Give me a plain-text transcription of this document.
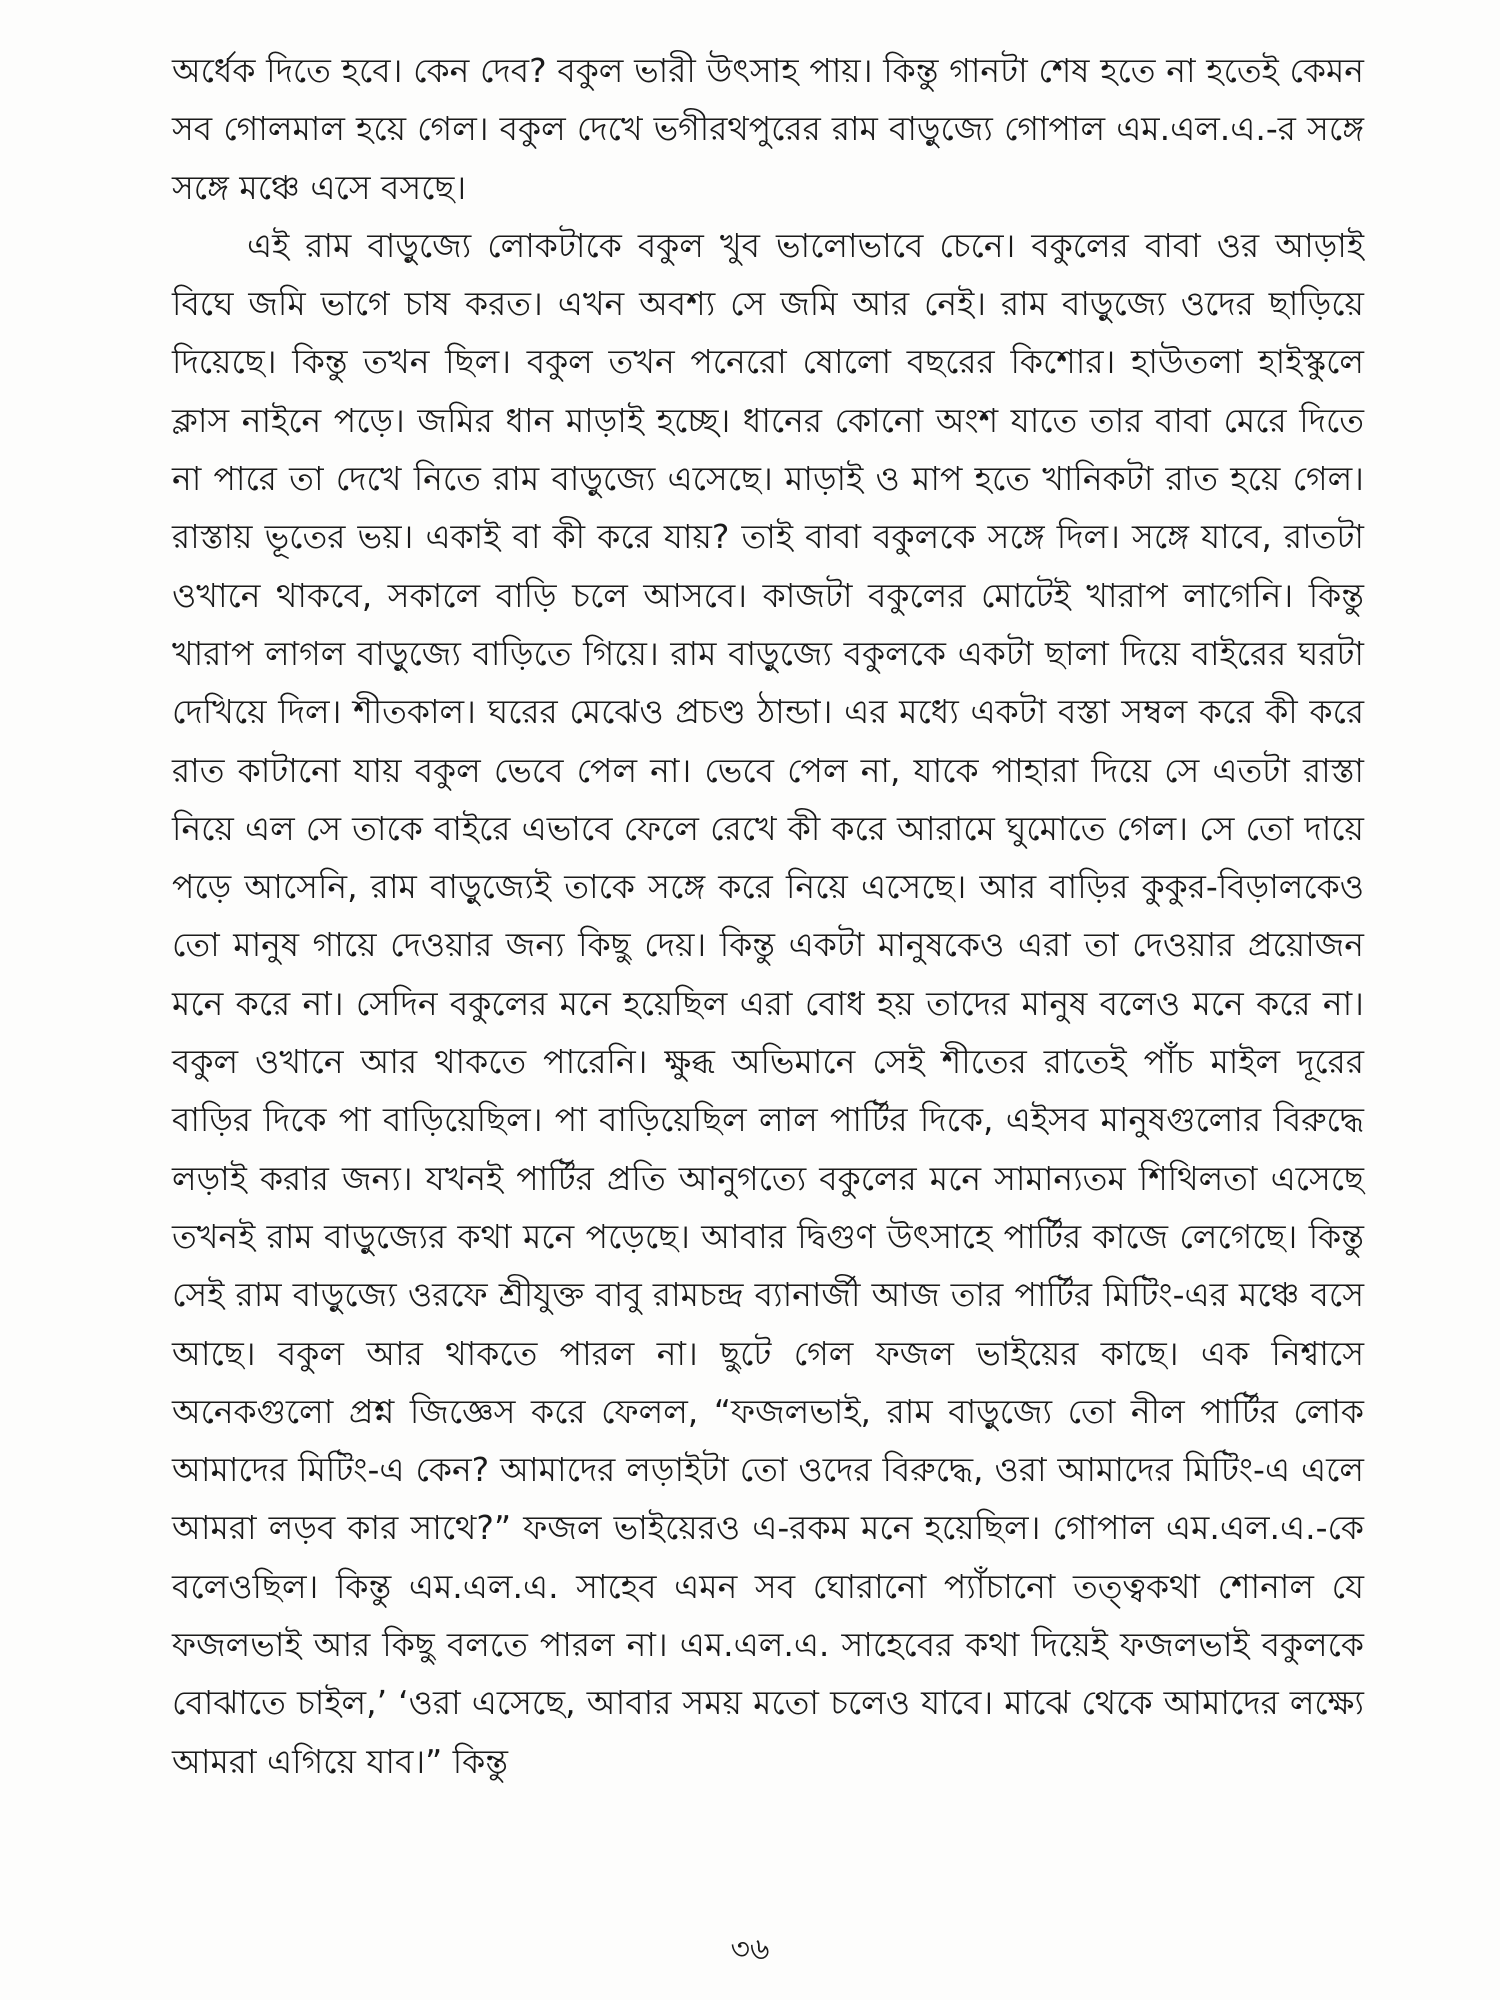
অর্ধেক দিতে হবে। কেন দেব? বকুল ভারী উৎসাহ পায়। কিন্তু গানটা শেষ হতে না হতেই কেমন সব গোলমাল হয়ে গেল। বকুল দেখে ভগীরথপুরের রাম বাড়ুজ্যে গোপাল এম.এল.এ.-র সঙ্গে সঙ্গে মঞ্চে এসে বসছে।

এই রাম বাড়ুজ্যে লোকটাকে বকুল খুব ভালোভাবে চেনে। বকুলের বাবা ওর আড়াই বিঘে জমি ভাগে চাষ করত। এখন অবশ্য সে জমি আর নেই। রাম বাড়ুজ্যে ওদের ছাড়িয়ে দিয়েছে। কিন্তু তখন ছিল। বকুল তখন পনেরো ষোলো বছরের কিশোর। হাউতলা হাইস্কুলে ক্লাস নাইনে পড়ে। জমির ধান মাড়াই হচ্ছে। ধানের কোনো অংশ যাতে তার বাবা মেরে দিতে না পারে তা দেখে নিতে রাম বাড়ুজ্যে এসেছে। মাড়াই ও মাপ হতে খানিকটা রাত হয়ে গেল। রাস্তায় ভূতের ভয়। একাই বা কী করে যায়? তাই বাবা বকুলকে সঙ্গে দিল। সঙ্গে যাবে, রাতটা ওখানে থাকবে, সকালে বাড়ি চলে আসবে। কাজটা বকুলের মোটেই খারাপ লাগেনি। কিন্তু খারাপ লাগল বাড়ুজ্যে বাড়িতে গিয়ে। রাম বাড়ুজ্যে বকুলকে একটা ছালা দিয়ে বাইরের ঘরটা দেখিয়ে দিল। শীতকাল। ঘরের মেঝেও প্রচণ্ড ঠান্ডা। এর মধ্যে একটা বস্তা সম্বল করে কী করে রাত কাটানো যায় বকুল ভেবে পেল না। ভেবে পেল না, যাকে পাহারা দিয়ে সে এতটা রাস্তা নিয়ে এল সে তাকে বাইরে এভাবে ফেলে রেখে কী করে আরামে ঘুমোতে গেল। সে তো দায়ে পড়ে আসেনি, রাম বাড়ুজ্যেই তাকে সঙ্গে করে নিয়ে এসেছে। আর বাড়ির কুকুর-বিড়ালকেও তো মানুষ গায়ে দেওয়ার জন্য কিছু দেয়। কিন্তু একটা মানুষকেও এরা তা দেওয়ার প্রয়োজন মনে করে না। সেদিন বকুলের মনে হয়েছিল এরা বোধ হয় তাদের মানুষ বলেও মনে করে না। বকুল ওখানে আর থাকতে পারেনি। ক্ষুব্ধ অভিমানে সেই শীতের রাতেই পাঁচ মাইল দূরের বাড়ির দিকে পা বাড়িয়েছিল। পা বাড়িয়েছিল লাল পার্টির দিকে, এইসব মানুষগুলোর বিরুদ্ধে লড়াই করার জন্য। যখনই পার্টির প্রতি আনুগত্যে বকুলের মনে সামান্যতম শিথিলতা এসেছে তখনই রাম বাড়ুজ্যের কথা মনে পড়েছে। আবার দ্বিগুণ উৎসাহে পার্টির কাজে লেগেছে। কিন্তু সেই রাম বাড়ুজ্যে ওরফে শ্রীযুক্ত বাবু রামচন্দ্র ব্যানার্জী আজ তার পার্টির মিটিং-এর মঞ্চে বসে আছে। বকুল আর থাকতে পারল না। ছুটে গেল ফজল ভাইয়ের কাছে। এক নিশ্বাসে অনেকগুলো প্রশ্ন জিজ্ঞেস করে ফেলল, “ফজলভাই, রাম বাড়ুজ্যে তো নীল পার্টির লোক আমাদের মিটিং-এ কেন? আমাদের লড়াইটা তো ওদের বিরুদ্ধে, ওরা আমাদের মিটিং-এ এলে আমরা লড়ব কার সাথে?” ফজল ভাইয়েরও এ-রকম মনে হয়েছিল। গোপাল এম.এল.এ.-কে বলেওছিল। কিন্তু এম.এল.এ. সাহেব এমন সব ঘোরানো প্যাঁচানো তত্ত্বকথা শোনাল যে ফজলভাই আর কিছু বলতে পারল না। এম.এল.এ. সাহেবের কথা দিয়েই ফজলভাই বকুলকে বোঝাতে চাইল,’ ‘ওরা এসেছে, আবার সময় মতো চলেও যাবে। মাঝে থেকে আমাদের লক্ষ্যে আমরা এগিয়ে যাব।” কিন্তু

৩৬
